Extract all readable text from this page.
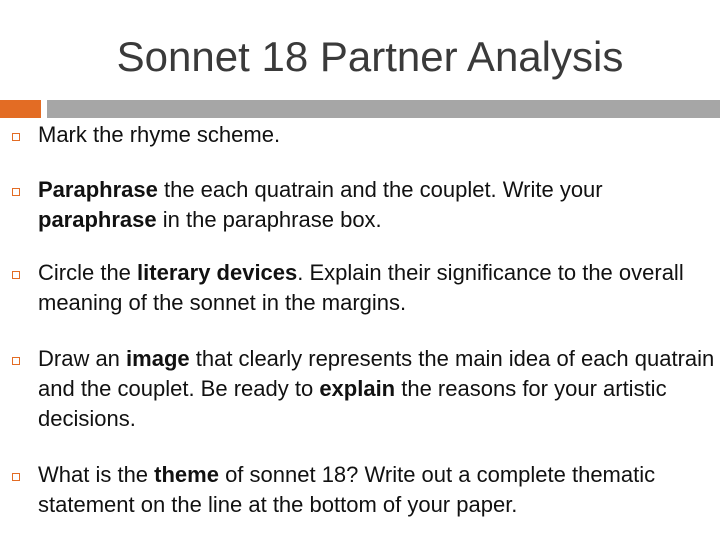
Sonnet 18 Partner Analysis
Mark the rhyme scheme.
Paraphrase the each quatrain and the couplet. Write your paraphrase in the paraphrase box.
Circle the literary devices. Explain their significance to the overall meaning of the sonnet in the margins.
Draw an image that clearly represents the main idea of each quatrain and the couplet. Be ready to explain the reasons for your artistic decisions.
What is the theme of sonnet 18? Write out a complete thematic statement on the line at the bottom of your paper.
